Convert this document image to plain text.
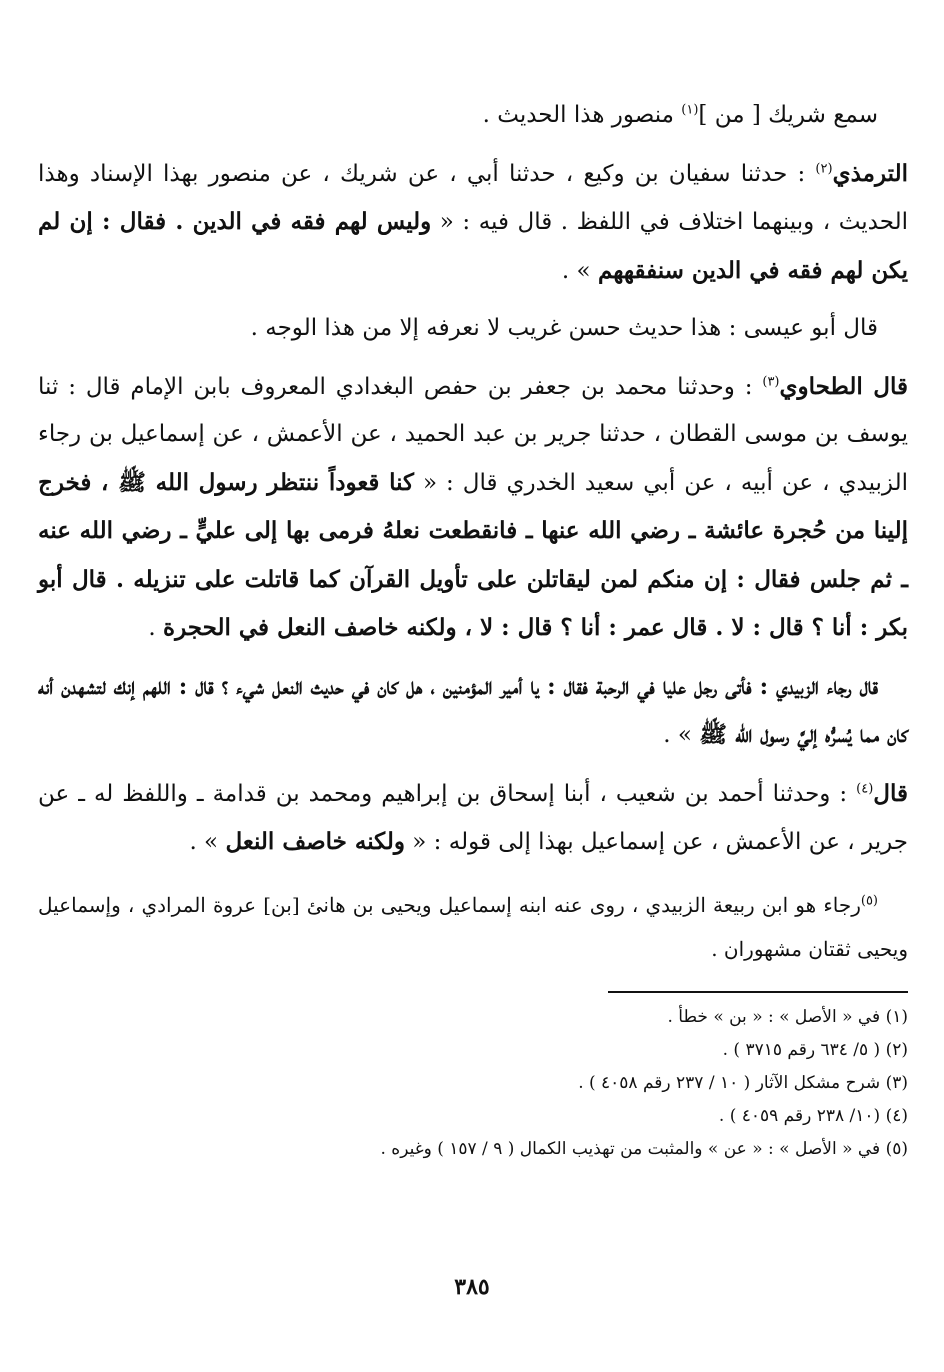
سمع شريك [ من ]$^{(١)}$ منصور هذا الحديث .

الترمذي$^{(٢)}$ : حدثنا سفيان بن وكيع ، حدثنا أبي ، عن شريك ، عن منصور بهذا الإسناد وهذا الحديث ، وبينهما اختلاف في اللفظ . قال فيه : « وليس لهم فقه في الدين . فقال : إن لم يكن لهم فقه في الدين سنفقههم » .

قال أبو عيسى : هذا حديث حسن غريب لا نعرفه إلا من هذا الوجه .

قال الطحاوي$^{(٣)}$ : وحدثنا محمد بن جعفر بن حفص البغدادي المعروف بابن الإمام قال : ثنا يوسف بن موسى القطان ، حدثنا جرير بن عبد الحميد ، عن الأعمش ، عن إسماعيل بن رجاء الزبيدي ، عن أبيه ، عن أبي سعيد الخدري قال : « كنا قعوداً ننتظر رسول الله ﷺ ، فخرج إلينا من حُجرة عائشة ـ رضي الله عنها ـ فانقطعت نعلهُ فرمى بها إلى عليٍّ ـ رضي الله عنه ـ ثم جلس فقال : إن منكم لمن ليقاتلن على تأويل القرآن كما قاتلت على تنزيله . قال أبو بكر : أنا ؟ قال : لا . قال عمر : أنا ؟ قال : لا ، ولكنه خاصف النعل في الحجرة .

قال رجاء الزبيدي : فأتى رجل عليا في الرحبة فقال : يا أمير المؤمنين ، هل كان في حديث النعل شيء ؟ قال : اللهم إنك لتشهدن أنه كان مما يُسرُّه إليَّ رسول الله ﷺ » .

قال$^{(٤)}$ : وحدثنا أحمد بن شعيب ، أبنا إسحاق بن إبراهيم ومحمد بن قدامة ـ واللفظ له ـ عن جرير ، عن الأعمش ، عن إسماعيل بهذا إلى قوله : « ولكنه خاصف النعل » .

$^{(٥)}$رجاء هو ابن ربيعة الزبيدي ، روى عنه ابنه إسماعيل ويحيى بن هانئ [بن] عروة المرادي ، وإسماعيل ويحيى ثقتان مشهوران .

(١) في « الأصل » : « بن » خطأ .
(٢) ( ٥/ ٦٣٤ رقم ٣٧١٥ ) .
(٣) شرح مشكل الآثار ( ١٠ / ٢٣٧ رقم ٤٠٥٨ ) .
(٤) (١٠/ ٢٣٨ رقم ٤٠٥٩ ) .
(٥) في « الأصل » : « عن » والمثبت من تهذيب الكمال ( ٩ / ١٥٧ ) وغيره .
٣٨٥
